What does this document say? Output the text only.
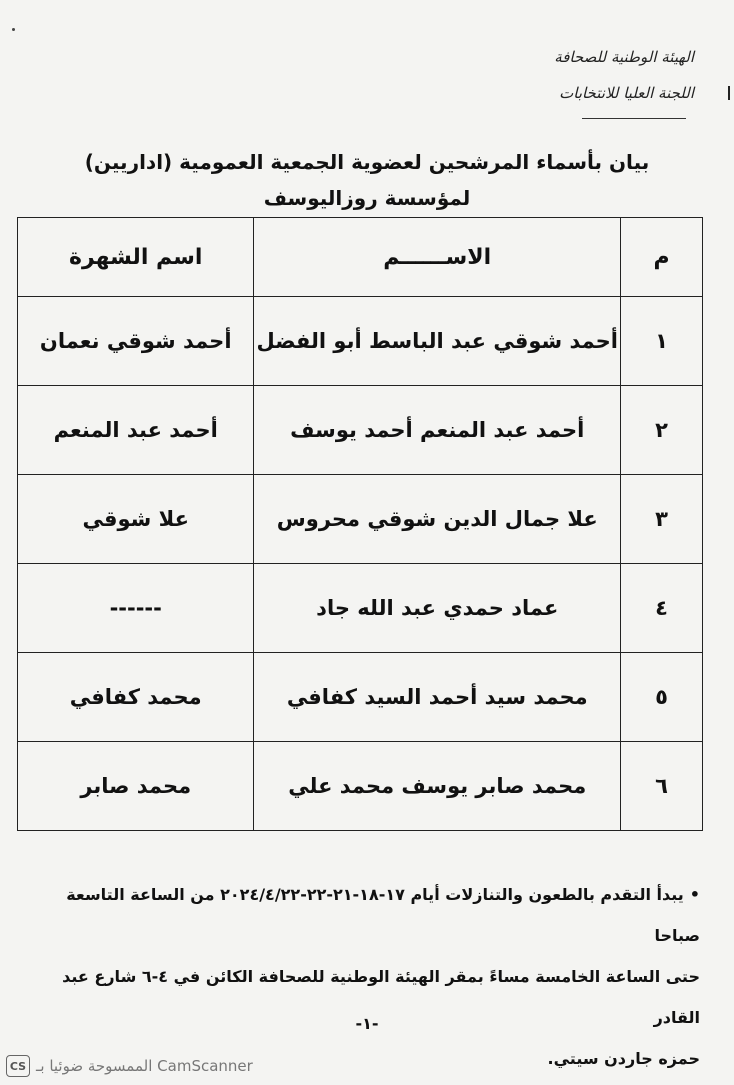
الهيئة الوطنية للصحافة
اللجنة العليا للانتخابات
بيان بأسماء المرشحين لعضوية الجمعية العمومية (اداريين)
لمؤسسة روزاليوسف
م	الاســــــم	اسم الشهرة
١	أحمد شوقي عبد الباسط أبو الفضل	أحمد شوقي نعمان
٢	أحمد عبد المنعم أحمد يوسف	أحمد عبد المنعم
٣	علا جمال الدين شوقي محروس	علا شوقي
٤	عماد حمدي عبد الله جاد	------
٥	محمد سيد أحمد السيد كفافي	محمد كفافي
٦	محمد صابر يوسف محمد علي	محمد صابر

•يبدأ التقدم بالطعون والتنازلات أيام ١٧-١٨-٢١-٢٢-٢٠٢٤/٤/٢٢ من الساعة التاسعة صباحا

حتى الساعة الخامسة مساءً بمقر الهيئة الوطنية للصحافة الكائن في ٤-٦ شارع عبد القادر

حمزه جاردن سيتي.

-١-
CS CamScanner الممسوحة ضوئيا بـ
